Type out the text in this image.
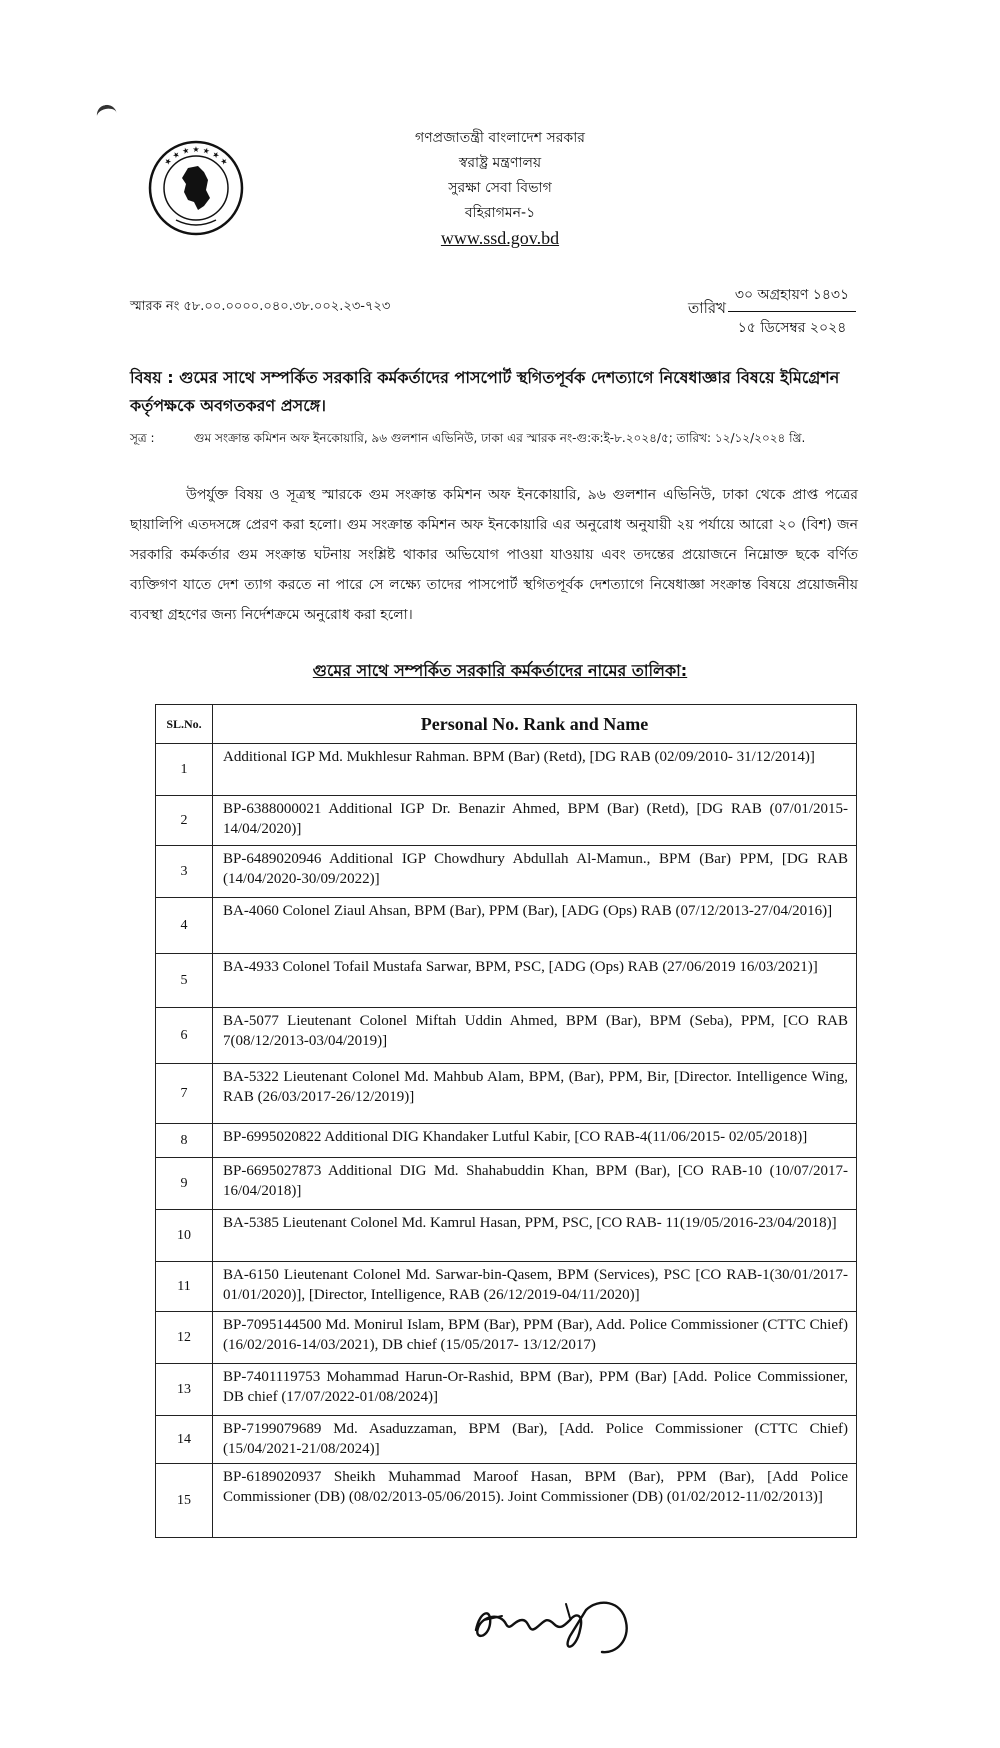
★ ★ ★ ★ ★ ★ ★
গণপ্রজাতন্ত্রী বাংলাদেশ সরকার
স্বরাষ্ট্র মন্ত্রণালয়
সুরক্ষা সেবা বিভাগ
বহিরাগমন-১
www.ssd.gov.bd
স্মারক নং ৫৮.০০.০০০০.০৪০.৩৮.০০২.২৩-৭২৩	তারিখ
৩০ অগ্রহায়ণ ১৪৩১
১৫ ডিসেম্বর ২০২৪
বিষয় : গুমের সাথে সম্পর্কিত সরকারি কর্মকর্তাদের পাসপোর্ট স্থগিতপূর্বক দেশত্যাগে নিষেধাজ্ঞার বিষয়ে ইমিগ্রেশন কর্তৃপক্ষকে অবগতকরণ প্রসঙ্গে।
সূত্র :	গুম সংক্রান্ত কমিশন অফ ইনকোয়ারি, ৯৬ গুলশান এভিনিউ, ঢাকা এর স্মারক নং-গু:ক:ই-৮.২০২৪/৫; তারিখ: ১২/১২/২০২৪ খ্রি.
উপর্যুক্ত বিষয় ও সূত্রস্থ স্মারকে গুম সংক্রান্ত কমিশন অফ ইনকোয়ারি, ৯৬ গুলশান এভিনিউ, ঢাকা থেকে প্রাপ্ত পত্রের ছায়ালিপি এতদসঙ্গে প্রেরণ করা হলো। গুম সংক্রান্ত কমিশন অফ ইনকোয়ারি এর অনুরোধ অনুযায়ী ২য় পর্যায়ে আরো ২০ (বিশ) জন সরকারি কর্মকর্তার গুম সংক্রান্ত ঘটনায় সংশ্লিষ্ট থাকার অভিযোগ পাওয়া যাওয়ায় এবং তদন্তের প্রয়োজনে নিম্নোক্ত ছকে বর্ণিত ব্যক্তিগণ যাতে দেশ ত্যাগ করতে না পারে সে লক্ষ্যে তাদের পাসপোর্ট স্থগিতপূর্বক দেশত্যাগে নিষেধাজ্ঞা সংক্রান্ত বিষয়ে প্রয়োজনীয় ব্যবস্থা গ্রহণের জন্য নির্দেশক্রমে অনুরোধ করা হলো।
গুমের সাথে সম্পর্কিত সরকারি কর্মকর্তাদের নামের তালিকা:
SL.No.	Personal No. Rank and Name
1	Additional IGP Md. Mukhlesur Rahman. BPM (Bar) (Retd), [DG RAB (02/09/2010- 31/12/2014)]
2	BP-6388000021 Additional IGP Dr. Benazir Ahmed, BPM (Bar) (Retd), [DG RAB (07/01/2015-14/04/2020)]
3	BP-6489020946 Additional IGP Chowdhury Abdullah Al-Mamun., BPM (Bar) PPM, [DG RAB (14/04/2020-30/09/2022)]
4	BA-4060 Colonel Ziaul Ahsan, BPM (Bar), PPM (Bar), [ADG (Ops) RAB (07/12/2013-27/04/2016)]
5	BA-4933 Colonel Tofail Mustafa Sarwar, BPM, PSC, [ADG (Ops) RAB (27/06/2019 16/03/2021)]
6	BA-5077 Lieutenant Colonel Miftah Uddin Ahmed, BPM (Bar), BPM (Seba), PPM, [CO RAB 7(08/12/2013-03/04/2019)]
7	BA-5322 Lieutenant Colonel Md. Mahbub Alam, BPM, (Bar), PPM, Bir, [Director. Intelligence Wing, RAB (26/03/2017-26/12/2019)]
8	BP-6995020822 Additional DIG Khandaker Lutful Kabir, [CO RAB-4(11/06/2015- 02/05/2018)]
9	BP-6695027873 Additional DIG Md. Shahabuddin Khan, BPM (Bar), [CO RAB-10 (10/07/2017-16/04/2018)]
10	BA-5385 Lieutenant Colonel Md. Kamrul Hasan, PPM, PSC, [CO RAB- 11(19/05/2016-23/04/2018)]
11	BA-6150 Lieutenant Colonel Md. Sarwar-bin-Qasem, BPM (Services), PSC [CO RAB-1(30/01/2017-01/01/2020)], [Director, Intelligence, RAB (26/12/2019-04/11/2020)]
12	BP-7095144500 Md. Monirul Islam, BPM (Bar), PPM (Bar), Add. Police Commissioner (CTTC Chief) (16/02/2016-14/03/2021), DB chief (15/05/2017- 13/12/2017)
13	BP-7401119753 Mohammad Harun-Or-Rashid, BPM (Bar), PPM (Bar) [Add. Police Commissioner, DB chief (17/07/2022-01/08/2024)]
14	BP-7199079689 Md. Asaduzzaman, BPM (Bar), [Add. Police Commissioner (CTTC Chief) (15/04/2021-21/08/2024)]
15	BP-6189020937 Sheikh Muhammad Maroof Hasan, BPM (Bar), PPM (Bar), [Add Police Commissioner (DB) (08/02/2013-05/06/2015). Joint Commissioner (DB) (01/02/2012-11/02/2013)]
